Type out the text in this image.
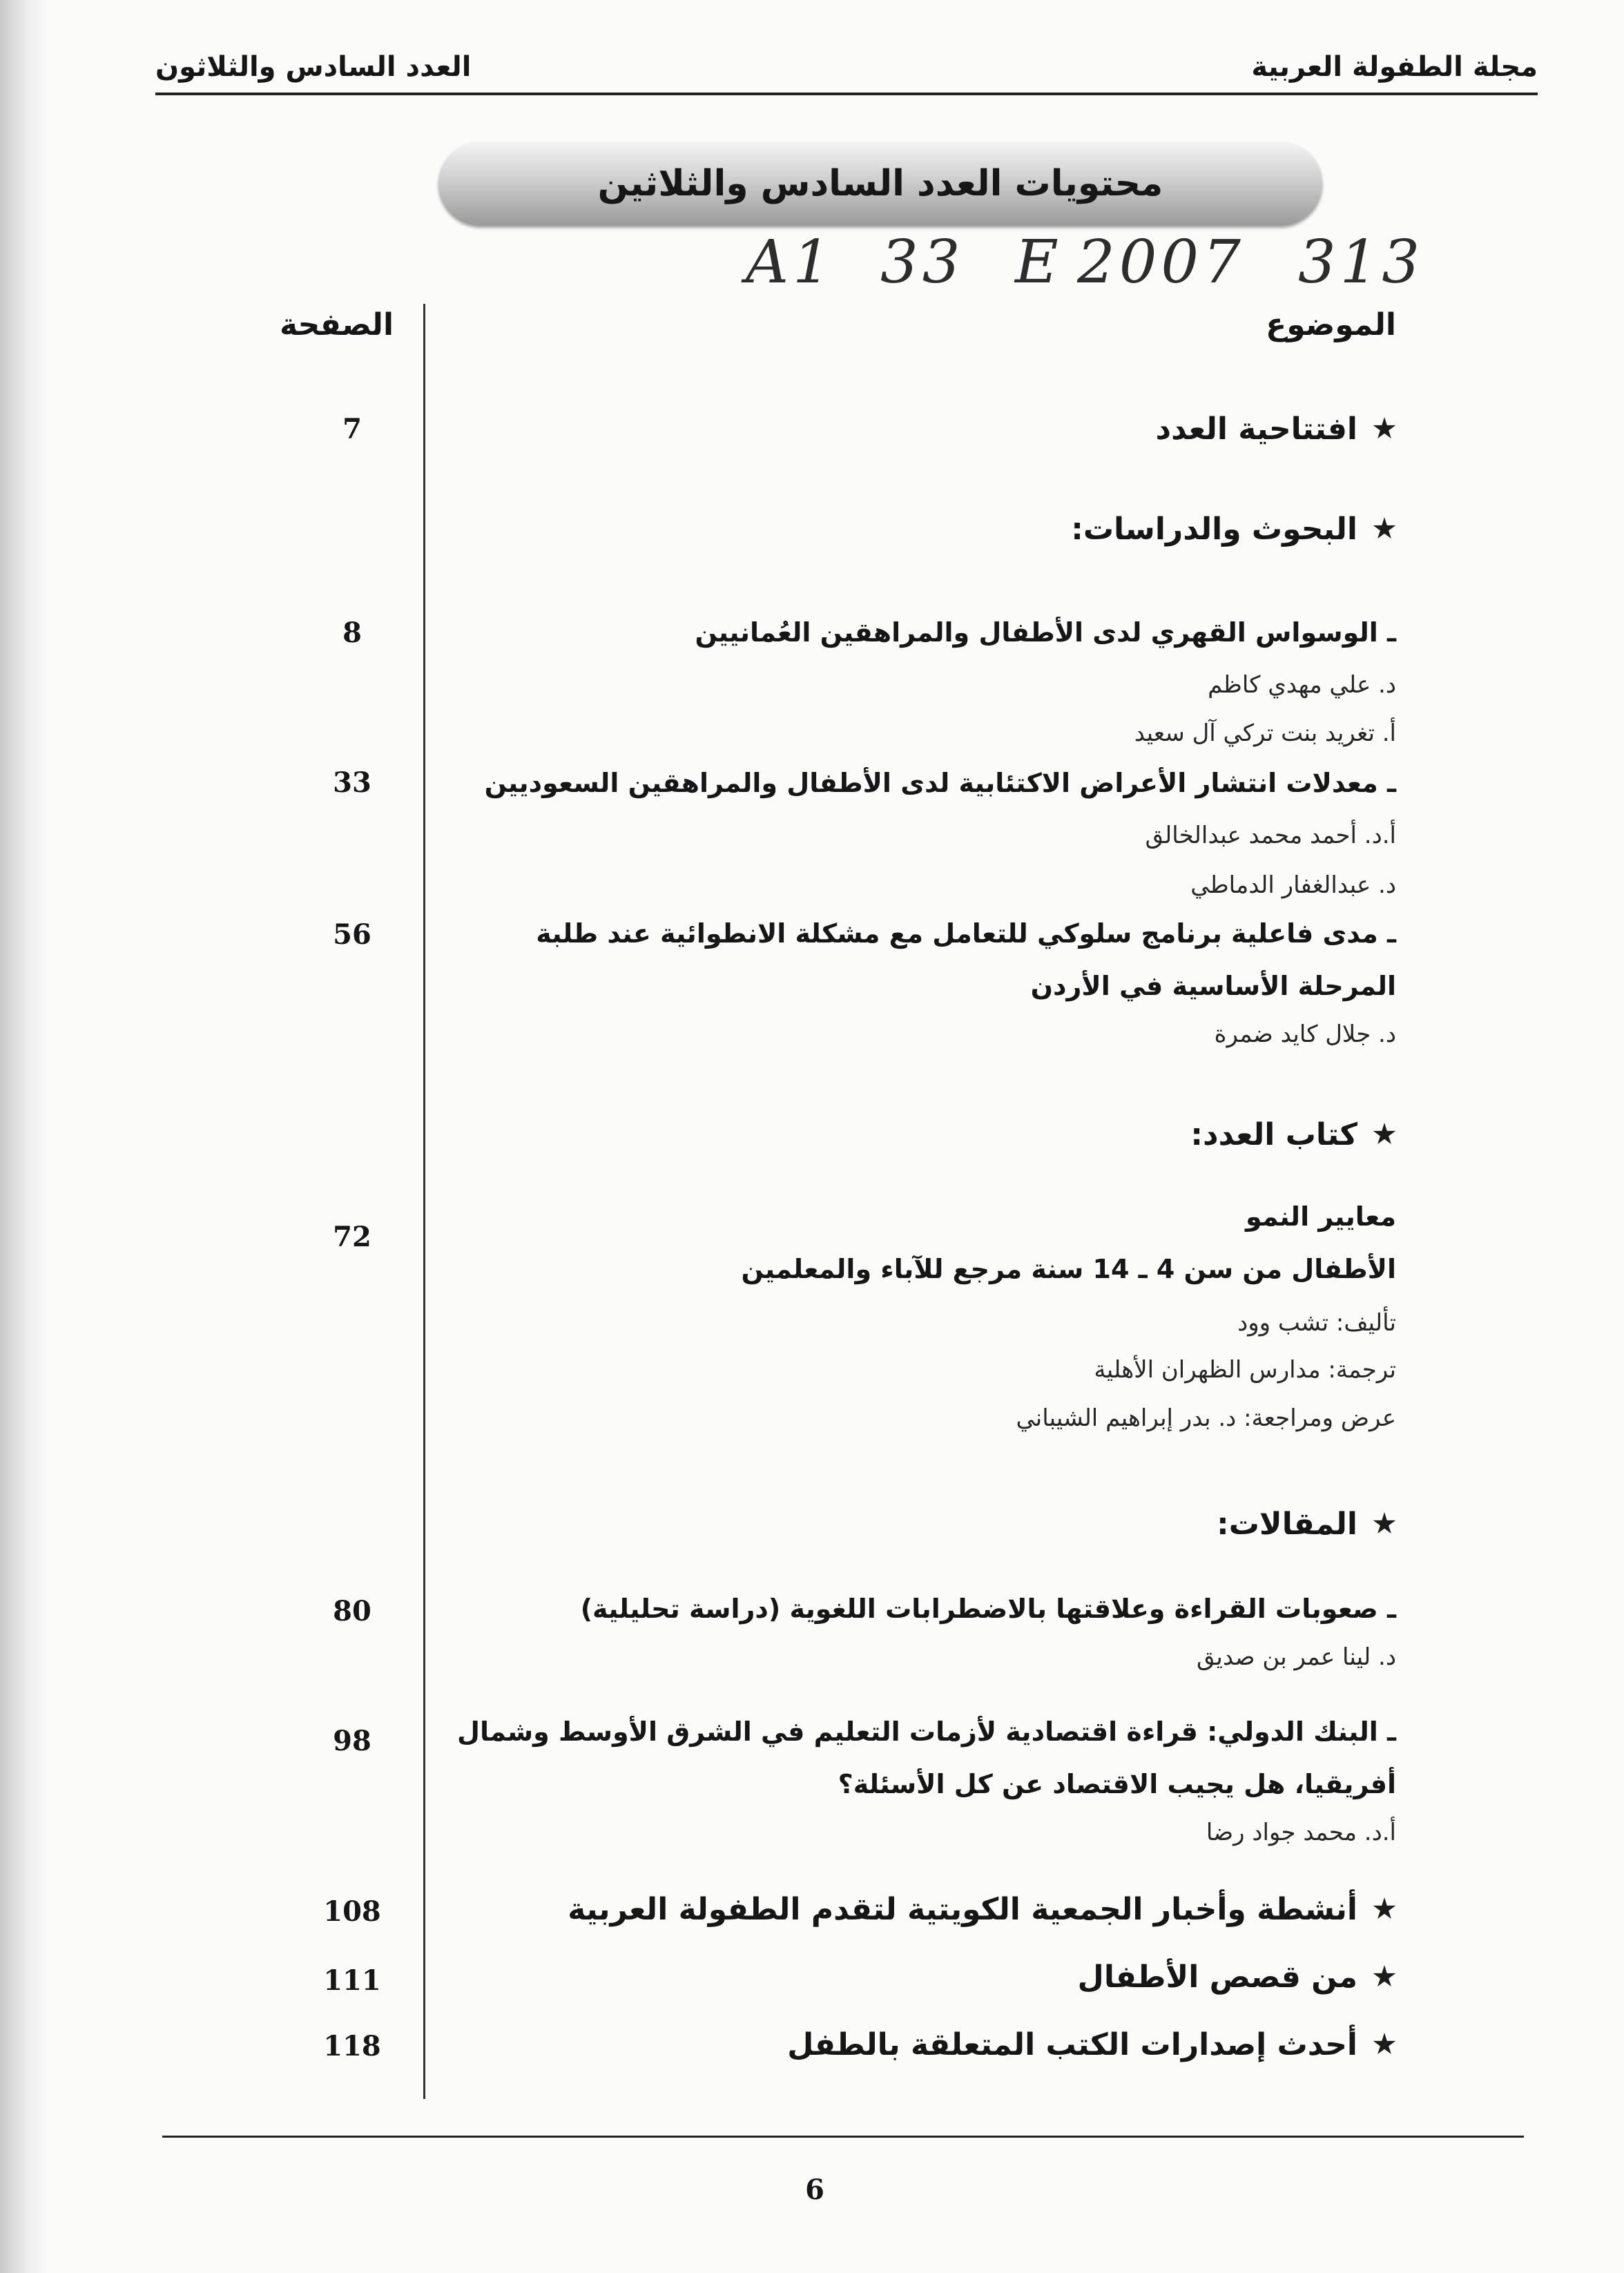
مجلة الطفولة العربية
العدد السادس والثلاثون
محتويات العدد السادس والثلاثين
A1 33 E 2007 313
الموضوع
الصفحة
افتتاحية العدد
7
البحوث والدراسات:
ـ الوسواس القهري لدى الأطفال والمراهقين العُمانيين
8
د. علي مهدي كاظم
أ. تغريد بنت تركي آل سعيد
ـ معدلات انتشار الأعراض الاكتئابية لدى الأطفال والمراهقين السعوديين
33
أ.د. أحمد محمد عبدالخالق
د. عبدالغفار الدماطي
ـ مدى فاعلية برنامج سلوكي للتعامل مع مشكلة الانطوائية عند طلبة
56
المرحلة الأساسية في الأردن
د. جلال كايد ضمرة
كتاب العدد:
معايير النمو
الأطفال من سن 4 ـ 14 سنة مرجع للآباء والمعلمين
72
تأليف: تشب وود
ترجمة: مدارس الظهران الأهلية
عرض ومراجعة: د. بدر إبراهيم الشيباني
المقالات:
ـ صعوبات القراءة وعلاقتها بالاضطرابات اللغوية (دراسة تحليلية)
80
د. لينا عمر بن صديق
ـ البنك الدولي: قراءة اقتصادية لأزمات التعليم في الشرق الأوسط وشمال
98
أفريقيا، هل يجيب الاقتصاد عن كل الأسئلة؟
أ.د. محمد جواد رضا
أنشطة وأخبار الجمعية الكويتية لتقدم الطفولة العربية
108
من قصص الأطفال
111
أحدث إصدارات الكتب المتعلقة بالطفل
118
6
